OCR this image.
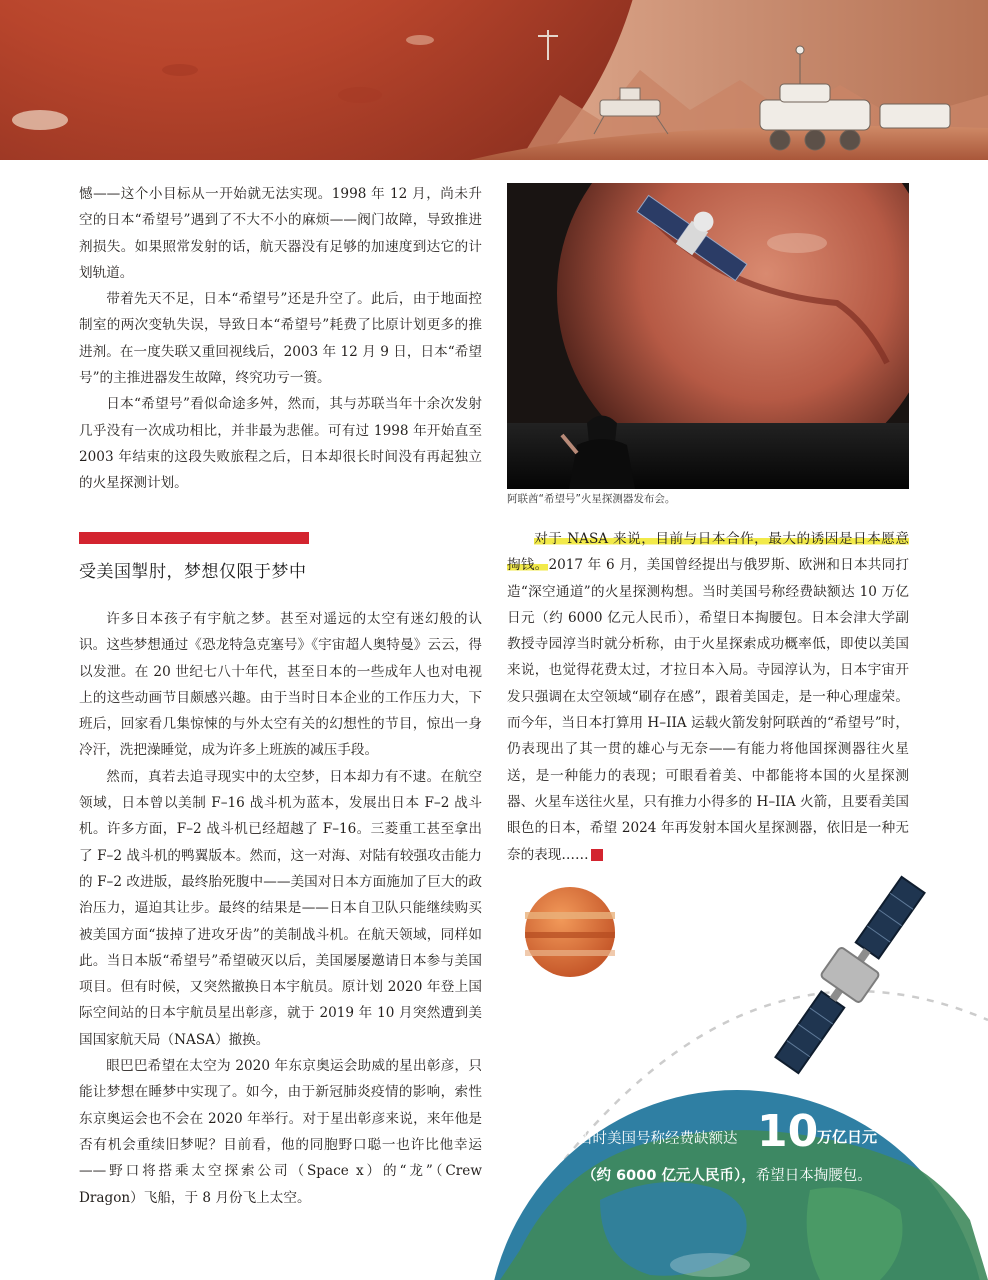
憾——这个小目标从一开始就无法实现。1998 年 12 月，尚未升空的日本“希望号”遇到了不大不小的麻烦——阀门故障，导致推进剂损失。如果照常发射的话，航天器没有足够的加速度到达它的计划轨道。

带着先天不足，日本“希望号”还是升空了。此后，由于地面控制室的两次变轨失误，导致日本“希望号”耗费了比原计划更多的推进剂。在一度失联又重回视线后，2003 年 12 月 9 日，日本“希望号”的主推进器发生故障，终究功亏一篑。

日本“希望号”看似命途多舛，然而，其与苏联当年十余次发射几乎没有一次成功相比，并非最为悲催。可有过 1998 年开始直至 2003 年结束的这段失败旅程之后，日本却很长时间没有再起独立的火星探测计划。

阿联酋“希望号”火星探测器发布会。
受美国掣肘，梦想仅限于梦中

许多日本孩子有宇航之梦。甚至对遥远的太空有迷幻般的认识。这些梦想通过《恐龙特急克塞号》《宇宙超人奥特曼》云云，得以发泄。在 20 世纪七八十年代，甚至日本的一些成年人也对电视上的这些动画节目颇感兴趣。由于当时日本企业的工作压力大，下班后，回家看几集惊悚的与外太空有关的幻想性的节目，惊出一身冷汗，洗把澡睡觉，成为许多上班族的减压手段。

然而，真若去追寻现实中的太空梦，日本却力有不逮。在航空领域，日本曾以美制 F–16 战斗机为蓝本，发展出日本 F–2 战斗机。许多方面，F–2 战斗机已经超越了 F–16。三菱重工甚至拿出了 F–2 战斗机的鸭翼版本。然而，这一对海、对陆有较强攻击能力的 F–2 改进版，最终胎死腹中——美国对日本方面施加了巨大的政治压力，逼迫其让步。最终的结果是——日本自卫队只能继续购买被美国方面“拔掉了进攻牙齿”的美制战斗机。在航天领域，同样如此。当日本版“希望号”希望破灭以后，美国屡屡邀请日本参与美国项目。但有时候，又突然撤换日本宇航员。原计划 2020 年登上国际空间站的日本宇航员星出彰彦，就于 2019 年 10 月突然遭到美国国家航天局（NASA）撤换。

眼巴巴希望在太空为 2020 年东京奥运会助威的星出彰彦，只能让梦想在睡梦中实现了。如今，由于新冠肺炎疫情的影响，索性东京奥运会也不会在 2020 年举行。对于星出彰彦来说，来年他是否有机会重续旧梦呢？目前看，他的同胞野口聪一也许比他幸运——野口将搭乘太空探索公司（Space x）的“龙”（Crew Dragon）飞船，于 8 月份飞上太空。

对于 NASA 来说，目前与日本合作，最大的诱因是日本愿意掏钱。2017 年 6 月，美国曾经提出与俄罗斯、欧洲和日本共同打造“深空通道”的火星探测构想。当时美国号称经费缺额达 10 万亿日元（约 6000 亿元人民币），希望日本掏腰包。日本会津大学副教授寺园淳当时就分析称，由于火星探索成功概率低，即使以美国来说，也觉得花费太过，才拉日本入局。寺园淳认为，日本宇宙开发只强调在太空领域“刷存在感”，跟着美国走，是一种心理虚荣。而今年，当日本打算用 H–IIA 运载火箭发射阿联酋的“希望号”时，仍表现出了其一贯的雄心与无奈——有能力将他国探测器往火星送，是一种能力的表现；可眼看着美、中都能将本国的火星探测器、火星车送往火星，只有推力小得多的 H–IIA 火箭，且要看美国眼色的日本，希望 2024 年再发射本国火星探测器，依旧是一种无奈的表现……	K

当时美国号称经费缺额达 10
万亿日元
（约 6000 亿元人民币），希望日本掏腰包。
